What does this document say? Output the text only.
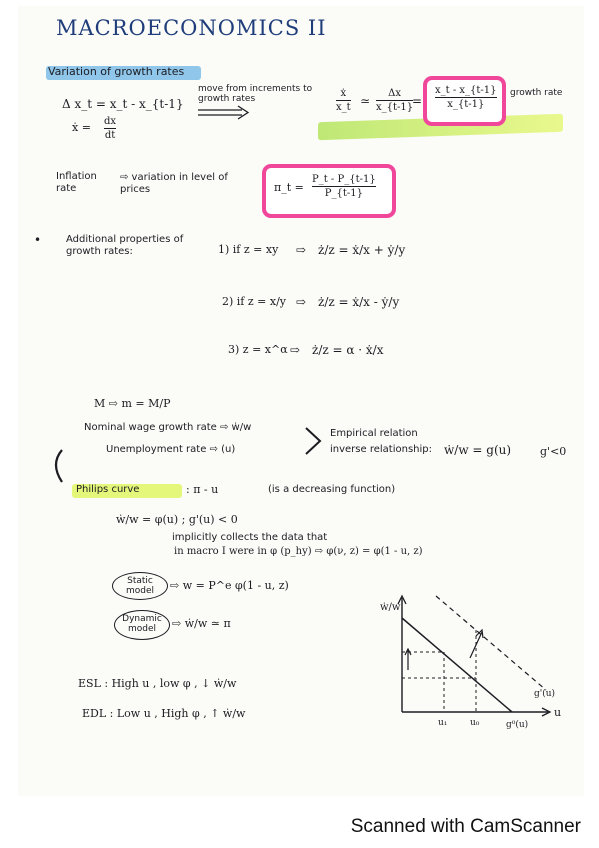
MACROECONOMICS II
Variation of growth rates
Δ x_t = x_t - x_{t-1}
move from increments to growth rates
ẋ = dx
dt
ẋ
x_t ≃
Δx
x_{t-1}
=
x_t - x_{t-1}
x_{t-1}
growth rate
Inflation rate
⇨ variation in level of prices	π_t =
P_t - P_{t-1}
P_{t-1}
• Additional properties of growth rates:	1) if z = xy ⇨ ż/z = ẋ/x + ẏ/y
2) if z = x/y ⇨ ż/z = ẋ/x - ẏ/y
3) z = x^α ⇨ ż/z = α · ẋ/x
M ⇨ m = M/P
Nominal wage growth rate ⇨ ẇ/w
Unemployment rate ⇨ (u)
Empirical relation
inverse relationship: ẇ/w = g(u)	g'<0
Philips curve	: π - u	(is a decreasing function)
ẇ/w = φ(u) ; g'(u) < 0
implicitly collects the data that
in macro I were in φ (p_hy) ⇨ φ(ν, z) = φ(1 - u, z)
Static model	⇨ w = P^e φ(1 - u, z)
Dynamic model	⇨ ẇ/w ≃ π
ESL : High u , low φ , ↓ ẇ/w
EDL : Low u , High φ , ↑ ẇ/w
ẇ/w
u
u₁	u₀
g'(u)
g⁰(u)
Scanned with CamScanner
